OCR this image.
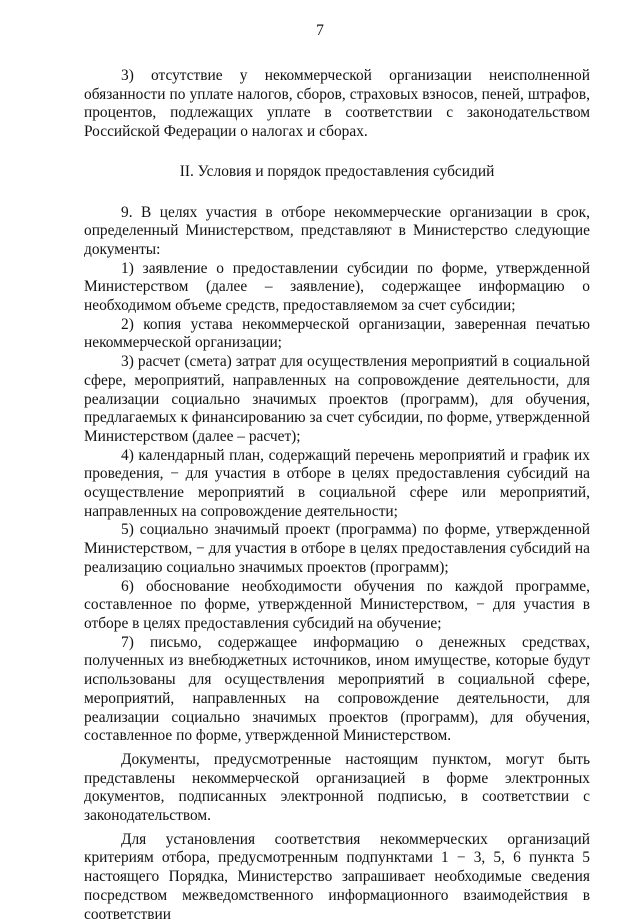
7

3) отсутствие у некоммерческой организации неисполненной обязанности по уплате налогов, сборов, страховых взносов, пеней, штрафов, процентов, подлежащих уплате в соответствии с законодательством Российской Федерации о налогах и сборах.

II. Условия и порядок предоставления субсидий

9. В целях участия в отборе некоммерческие организации в срок, определенный Министерством, представляют в Министерство следующие документы:

1) заявление о предоставлении субсидии по форме, утвержденной Министерством (далее – заявление), содержащее информацию о необходимом объеме средств, предоставляемом за счет субсидии;

2) копия устава некоммерческой организации, заверенная печатью некоммерческой организации;

3) расчет (смета) затрат для осуществления мероприятий в социальной сфере, мероприятий, направленных на сопровождение деятельности, для реализации социально значимых проектов (программ), для обучения, предлагаемых к финансированию за счет субсидии, по форме, утвержденной Министерством (далее – расчет);

4) календарный план, содержащий перечень мероприятий и график их проведения, − для участия в отборе в целях предоставления субсидий на осуществление мероприятий в социальной сфере или мероприятий, направленных на сопровождение деятельности;

5) социально значимый проект (программа) по форме, утвержденной Министерством, − для участия в отборе в целях предоставления субсидий на реализацию социально значимых проектов (программ);

6) обоснование необходимости обучения по каждой программе, составленное по форме, утвержденной Министерством, − для участия в отборе в целях предоставления субсидий на обучение;

7) письмо, содержащее информацию о денежных средствах, полученных из внебюджетных источников, ином имуществе, которые будут использованы для осуществления мероприятий в социальной сфере, мероприятий, направленных на сопровождение деятельности, для реализации социально значимых проектов (программ), для обучения, составленное по форме, утвержденной Министерством.

Документы, предусмотренные настоящим пунктом, могут быть представлены некоммерческой организацией в форме электронных документов, подписанных электронной подписью, в соответствии с законодательством.

Для установления соответствия некоммерческих организаций критериям отбора, предусмотренным подпунктами 1 − 3, 5, 6 пункта 5 настоящего Порядка, Министерство запрашивает необходимые сведения посредством межведомственного информационного взаимодействия в соответствии
